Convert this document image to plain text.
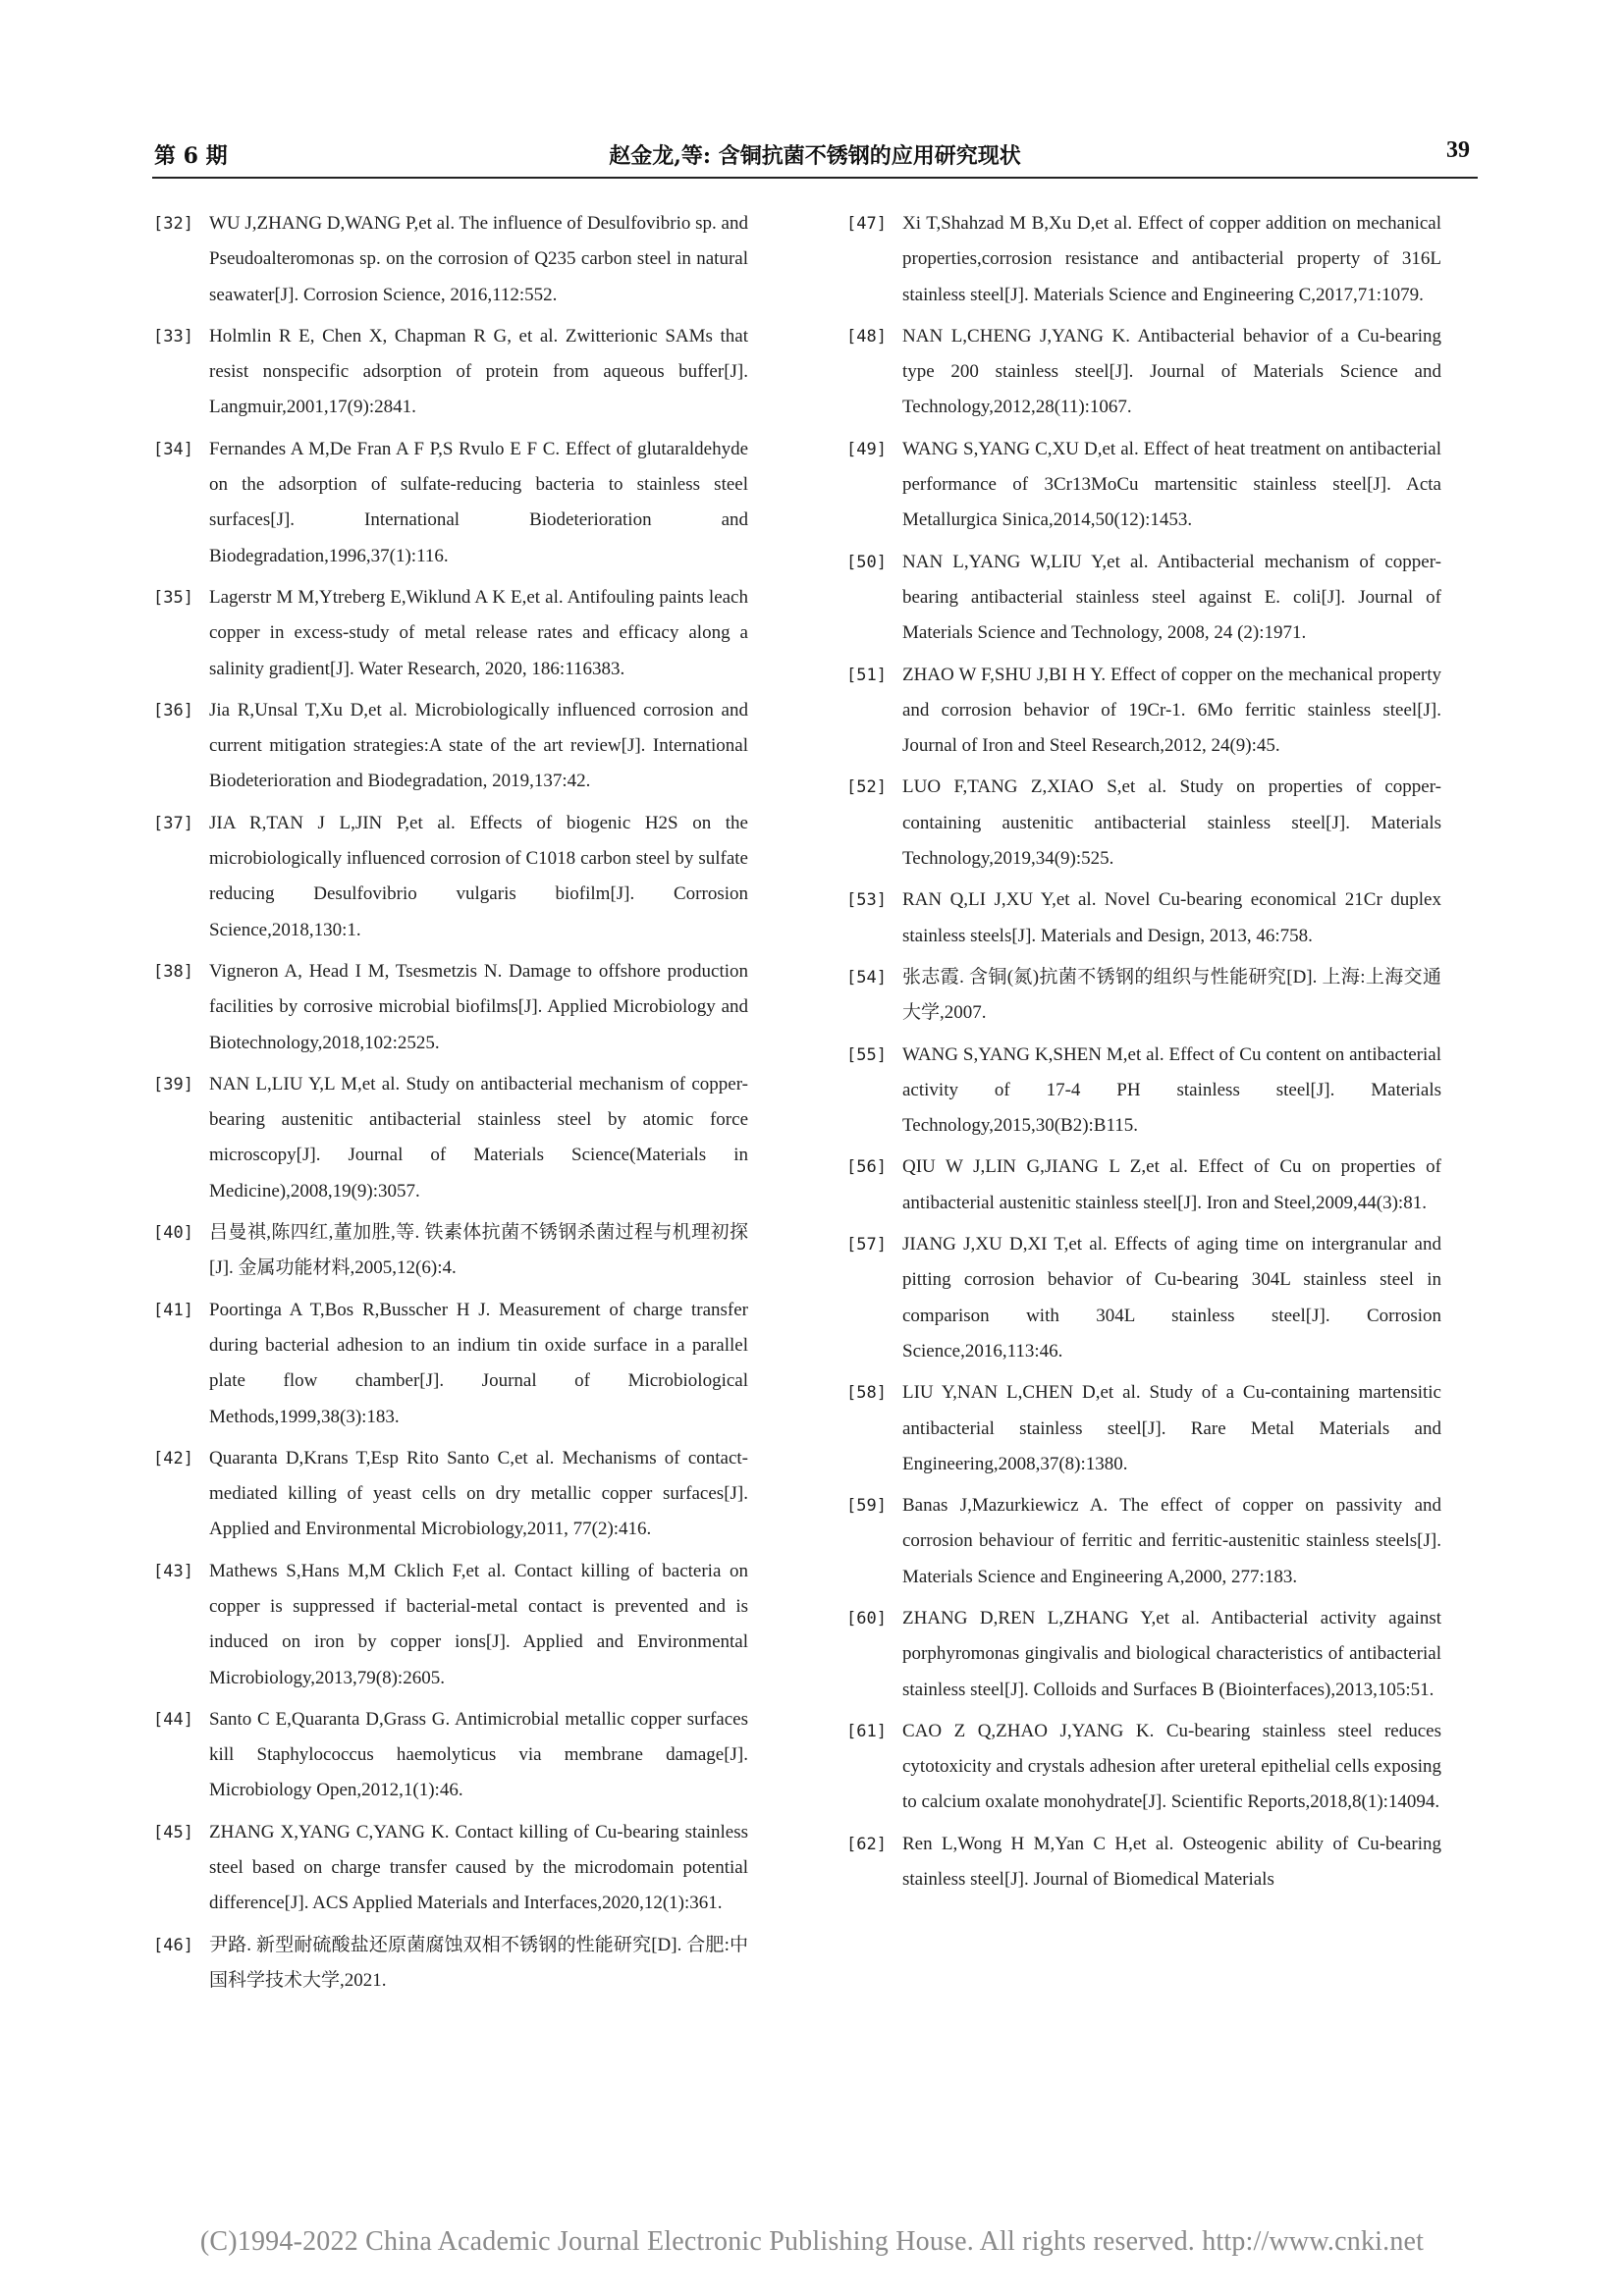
第 6 期	赵金龙,等: 含铜抗菌不锈钢的应用研究现状	39
[32] WU J,ZHANG D,WANG P,et al. The influence of Desulfovibrio sp. and Pseudoalteromonas sp. on the corrosion of Q235 carbon steel in natural seawater[J]. Corrosion Science, 2016,112:552.
[33] Holmlin R E, Chen X, Chapman R G, et al. Zwitterionic SAMs that resist nonspecific adsorption of protein from aqueous buffer[J]. Langmuir,2001,17(9):2841.
[34] Fernandes A M,De Fran A F P,S Rvulo E F C. Effect of glutaraldehyde on the adsorption of sulfate-reducing bacteria to stainless steel surfaces[J]. International Biodeterioration and Biodegradation,1996,37(1):116.
[35] Lagerstr M M,Ytreberg E,Wiklund A K E,et al. Antifouling paints leach copper in excess-study of metal release rates and efficacy along a salinity gradient[J]. Water Research, 2020, 186:116383.
[36] Jia R,Unsal T,Xu D,et al. Microbiologically influenced corrosion and current mitigation strategies:A state of the art review[J]. International Biodeterioration and Biodegradation, 2019,137:42.
[37] JIA R,TAN J L,JIN P,et al. Effects of biogenic H2S on the microbiologically influenced corrosion of C1018 carbon steel by sulfate reducing Desulfovibrio vulgaris biofilm[J]. Corrosion Science,2018,130:1.
[38] Vigneron A, Head I M, Tsesmetzis N. Damage to offshore production facilities by corrosive microbial biofilms[J]. Applied Microbiology and Biotechnology,2018,102:2525.
[39] NAN L,LIU Y,L M,et al. Study on antibacterial mechanism of copper-bearing austenitic antibacterial stainless steel by atomic force microscopy[J]. Journal of Materials Science(Materials in Medicine),2008,19(9):3057.
[40] 吕曼祺,陈四红,董加胜,等. 铁素体抗菌不锈钢杀菌过程与机理初探[J]. 金属功能材料,2005,12(6):4.
[41] Poortinga A T,Bos R,Busscher H J. Measurement of charge transfer during bacterial adhesion to an indium tin oxide surface in a parallel plate flow chamber[J]. Journal of Microbiological Methods,1999,38(3):183.
[42] Quaranta D,Krans T,Esp Rito Santo C,et al. Mechanisms of contact-mediated killing of yeast cells on dry metallic copper surfaces[J]. Applied and Environmental Microbiology,2011, 77(2):416.
[43] Mathews S,Hans M,M Cklich F,et al. Contact killing of bacteria on copper is suppressed if bacterial-metal contact is prevented and is induced on iron by copper ions[J]. Applied and Environmental Microbiology,2013,79(8):2605.
[44] Santo C E,Quaranta D,Grass G. Antimicrobial metallic copper surfaces kill Staphylococcus haemolyticus via membrane damage[J]. Microbiology Open,2012,1(1):46.
[45] ZHANG X,YANG C,YANG K. Contact killing of Cu-bearing stainless steel based on charge transfer caused by the microdomain potential difference[J]. ACS Applied Materials and Interfaces,2020,12(1):361.
[46] 尹路. 新型耐硫酸盐还原菌腐蚀双相不锈钢的性能研究[D]. 合肥:中国科学技术大学,2021.
[47] Xi T,Shahzad M B,Xu D,et al. Effect of copper addition on mechanical properties,corrosion resistance and antibacterial property of 316L stainless steel[J]. Materials Science and Engineering C,2017,71:1079.
[48] NAN L,CHENG J,YANG K. Antibacterial behavior of a Cu-bearing type 200 stainless steel[J]. Journal of Materials Science and Technology,2012,28(11):1067.
[49] WANG S,YANG C,XU D,et al. Effect of heat treatment on antibacterial performance of 3Cr13MoCu martensitic stainless steel[J]. Acta Metallurgica Sinica,2014,50(12):1453.
[50] NAN L,YANG W,LIU Y,et al. Antibacterial mechanism of copper-bearing antibacterial stainless steel against E. coli[J]. Journal of Materials Science and Technology, 2008, 24 (2):1971.
[51] ZHAO W F,SHU J,BI H Y. Effect of copper on the mechanical property and corrosion behavior of 19Cr-1. 6Mo ferritic stainless steel[J]. Journal of Iron and Steel Research,2012, 24(9):45.
[52] LUO F,TANG Z,XIAO S,et al. Study on properties of copper-containing austenitic antibacterial stainless steel[J]. Materials Technology,2019,34(9):525.
[53] RAN Q,LI J,XU Y,et al. Novel Cu-bearing economical 21Cr duplex stainless steels[J]. Materials and Design, 2013, 46:758.
[54] 张志霞. 含铜(氮)抗菌不锈钢的组织与性能研究[D]. 上海:上海交通大学,2007.
[55] WANG S,YANG K,SHEN M,et al. Effect of Cu content on antibacterial activity of 17-4 PH stainless steel[J]. Materials Technology,2015,30(B2):B115.
[56] QIU W J,LIN G,JIANG L Z,et al. Effect of Cu on properties of antibacterial austenitic stainless steel[J]. Iron and Steel,2009,44(3):81.
[57] JIANG J,XU D,XI T,et al. Effects of aging time on intergranular and pitting corrosion behavior of Cu-bearing 304L stainless steel in comparison with 304L stainless steel[J]. Corrosion Science,2016,113:46.
[58] LIU Y,NAN L,CHEN D,et al. Study of a Cu-containing martensitic antibacterial stainless steel[J]. Rare Metal Materials and Engineering,2008,37(8):1380.
[59] Banas J,Mazurkiewicz A. The effect of copper on passivity and corrosion behaviour of ferritic and ferritic-austenitic stainless steels[J]. Materials Science and Engineering A,2000, 277:183.
[60] ZHANG D,REN L,ZHANG Y,et al. Antibacterial activity against porphyromonas gingivalis and biological characteristics of antibacterial stainless steel[J]. Colloids and Surfaces B (Biointerfaces),2013,105:51.
[61] CAO Z Q,ZHAO J,YANG K. Cu-bearing stainless steel reduces cytotoxicity and crystals adhesion after ureteral epithelial cells exposing to calcium oxalate monohydrate[J]. Scientific Reports,2018,8(1):14094.
[62] Ren L,Wong H M,Yan C H,et al. Osteogenic ability of Cu-bearing stainless steel[J]. Journal of Biomedical Materials
(C)1994-2022 China Academic Journal Electronic Publishing House. All rights reserved. http://www.cnki.net
